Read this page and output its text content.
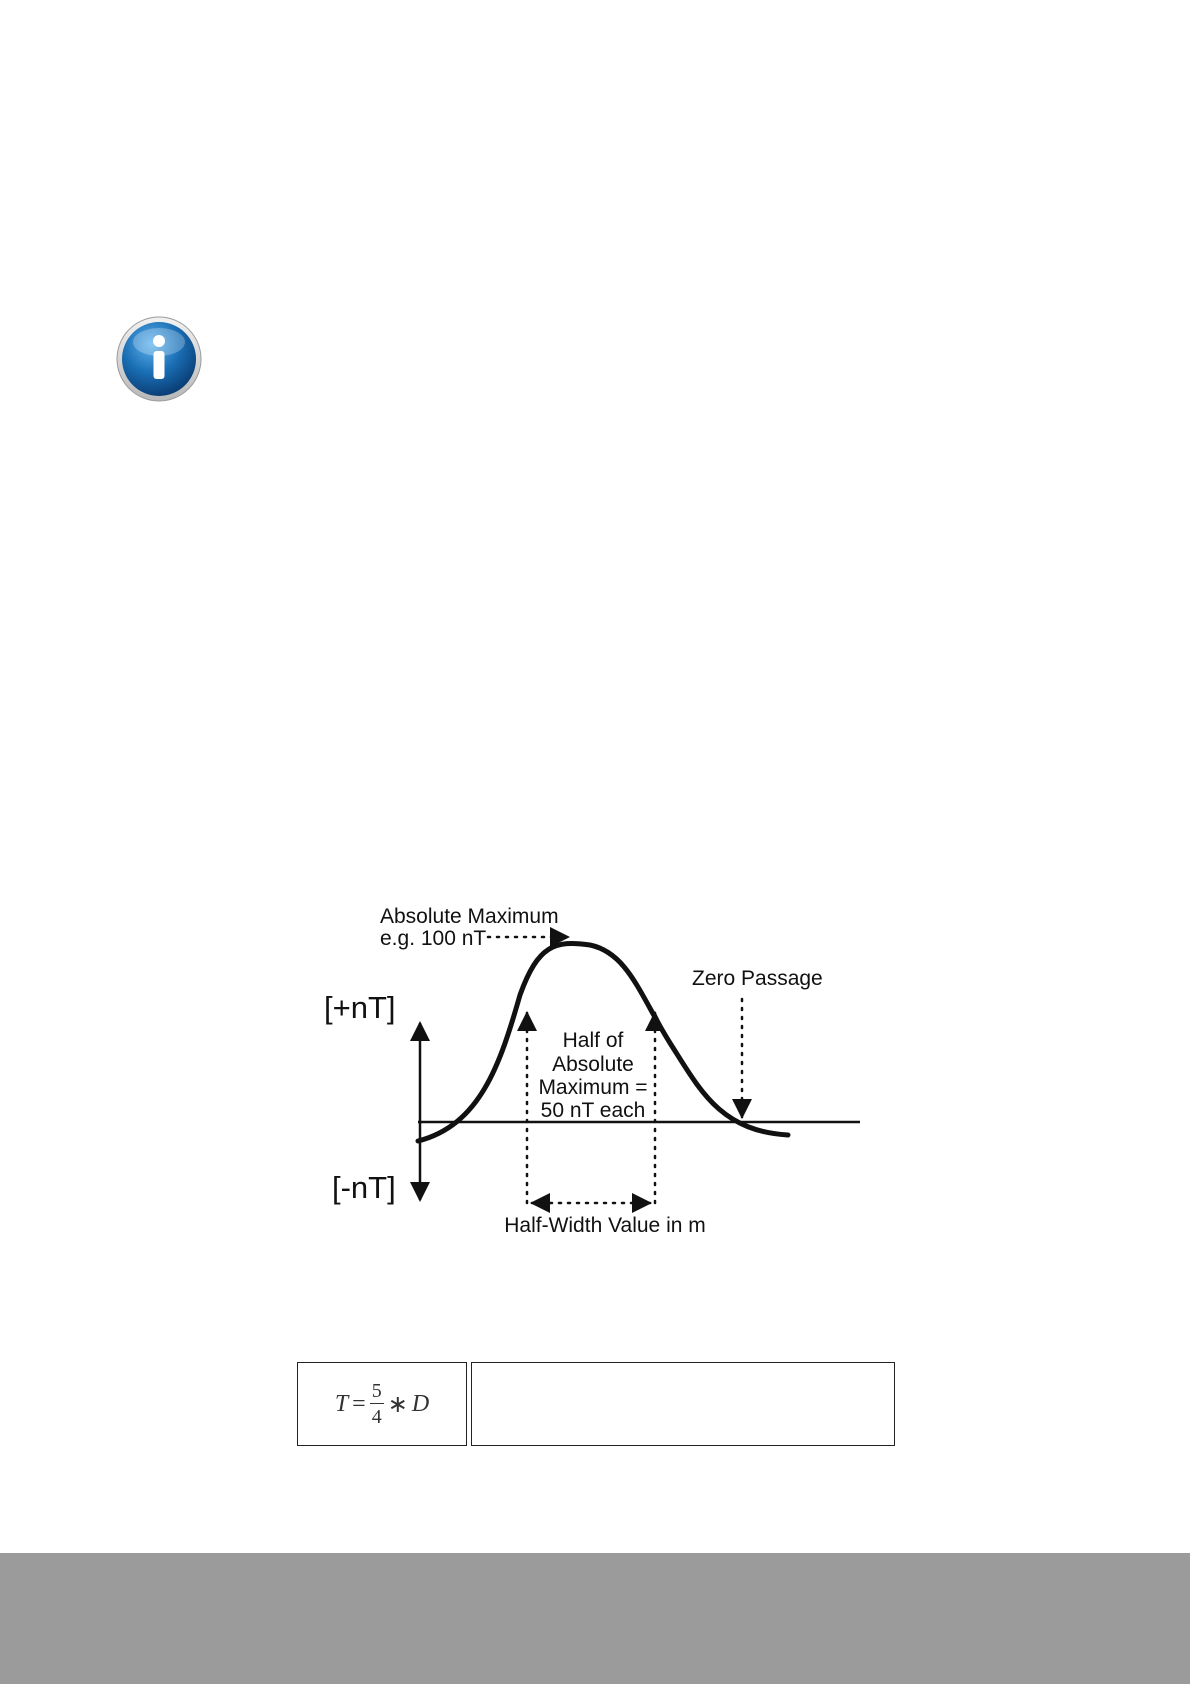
Absolute Maximum
e.g. 100 nT
Zero Passage
[+nT]
[-nT]
Half of
Absolute
Maximum =
50 nT each
Half-Width Value in m
$T = \frac{5}{4}$ ∗ D
